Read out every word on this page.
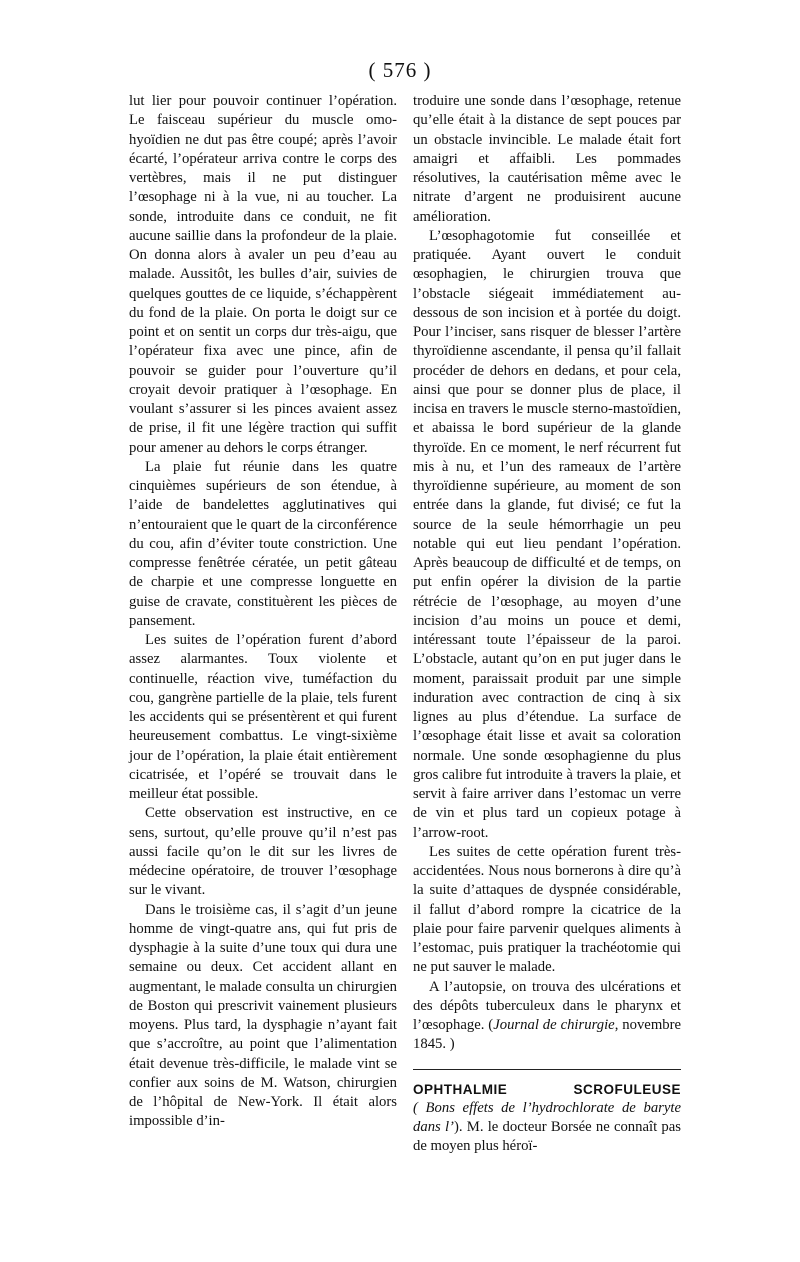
( 576 )

lut lier pour pouvoir continuer l’opération. Le faisceau supérieur du muscle omo-hyoïdien ne dut pas être coupé; après l’avoir écarté, l’opérateur arriva contre le corps des vertèbres, mais il ne put distinguer l’œsophage ni à la vue, ni au toucher. La sonde, introduite dans ce conduit, ne fit aucune saillie dans la profondeur de la plaie. On donna alors à avaler un peu d’eau au malade. Aussitôt, les bulles d’air, suivies de quelques gouttes de ce liquide, s’échappèrent du fond de la plaie. On porta le doigt sur ce point et on sentit un corps dur très-aigu, que l’opérateur fixa avec une pince, afin de pouvoir se guider pour l’ouverture qu’il croyait devoir pratiquer à l’œsophage. En voulant s’assurer si les pinces avaient assez de prise, il fit une légère traction qui suffit pour amener au dehors le corps étranger.

La plaie fut réunie dans les quatre cinquièmes supérieurs de son étendue, à l’aide de bandelettes agglutinatives qui n’entouraient que le quart de la circonférence du cou, afin d’éviter toute constriction. Une compresse fenêtrée cératée, un petit gâteau de charpie et une compresse longuette en guise de cravate, constituèrent les pièces de pansement.

Les suites de l’opération furent d’abord assez alarmantes. Toux violente et continuelle, réaction vive, tuméfaction du cou, gangrène partielle de la plaie, tels furent les accidents qui se présentèrent et qui furent heureusement combattus. Le vingt-sixième jour de l’opération, la plaie était entièrement cicatrisée, et l’opéré se trouvait dans le meilleur état possible.

Cette observation est instructive, en ce sens, surtout, qu’elle prouve qu’il n’est pas aussi facile qu’on le dit sur les livres de médecine opératoire, de trouver l’œsophage sur le vivant.

Dans le troisième cas, il s’agit d’un jeune homme de vingt-quatre ans, qui fut pris de dysphagie à la suite d’une toux qui dura une semaine ou deux. Cet accident allant en augmentant, le malade consulta un chirurgien de Boston qui prescrivit vainement plusieurs moyens. Plus tard, la dysphagie n’ayant fait que s’accroître, au point que l’alimentation était devenue très-difficile, le malade vint se confier aux soins de M. Watson, chirurgien de l’hôpital de New-York. Il était alors impossible d’in-

troduire une sonde dans l’œsophage, retenue qu’elle était à la distance de sept pouces par un obstacle invincible. Le malade était fort amaigri et affaibli. Les pommades résolutives, la cautérisation même avec le nitrate d’argent ne produisirent aucune amélioration.

L’œsophagotomie fut conseillée et pratiquée. Ayant ouvert le conduit œsophagien, le chirurgien trouva que l’obstacle siégeait immédiatement au-dessous de son incision et à portée du doigt. Pour l’inciser, sans risquer de blesser l’artère thyroïdienne ascendante, il pensa qu’il fallait procéder de dehors en dedans, et pour cela, ainsi que pour se donner plus de place, il incisa en travers le muscle sterno-mastoïdien, et abaissa le bord supérieur de la glande thyroïde. En ce moment, le nerf récurrent fut mis à nu, et l’un des rameaux de l’artère thyroïdienne supérieure, au moment de son entrée dans la glande, fut divisé; ce fut la source de la seule hémorrhagie un peu notable qui eut lieu pendant l’opération. Après beaucoup de difficulté et de temps, on put enfin opérer la division de la partie rétrécie de l’œsophage, au moyen d’une incision d’au moins un pouce et demi, intéressant toute l’épaisseur de la paroi. L’obstacle, autant qu’on en put juger dans le moment, paraissait produit par une simple induration avec contraction de cinq à six lignes au plus d’étendue. La surface de l’œsophage était lisse et avait sa coloration normale. Une sonde œsophagienne du plus gros calibre fut introduite à travers la plaie, et servit à faire arriver dans l’estomac un verre de vin et plus tard un copieux potage à l’arrow-root.

Les suites de cette opération furent très-accidentées. Nous nous bornerons à dire qu’à la suite d’attaques de dyspnée considérable, il fallut d’abord rompre la cicatrice de la plaie pour faire parvenir quelques aliments à l’estomac, puis pratiquer la trachéotomie qui ne put sauver le malade.

A l’autopsie, on trouva des ulcérations et des dépôts tuberculeux dans le pharynx et l’œsophage. (Journal de chirurgie, novembre 1845. )

OPHTHALMIE	SCROFULEUSE

( Bons effets de l’hydrochlorate de baryte dans l’). M. le docteur Borsée ne connaît pas de moyen plus héroï-
